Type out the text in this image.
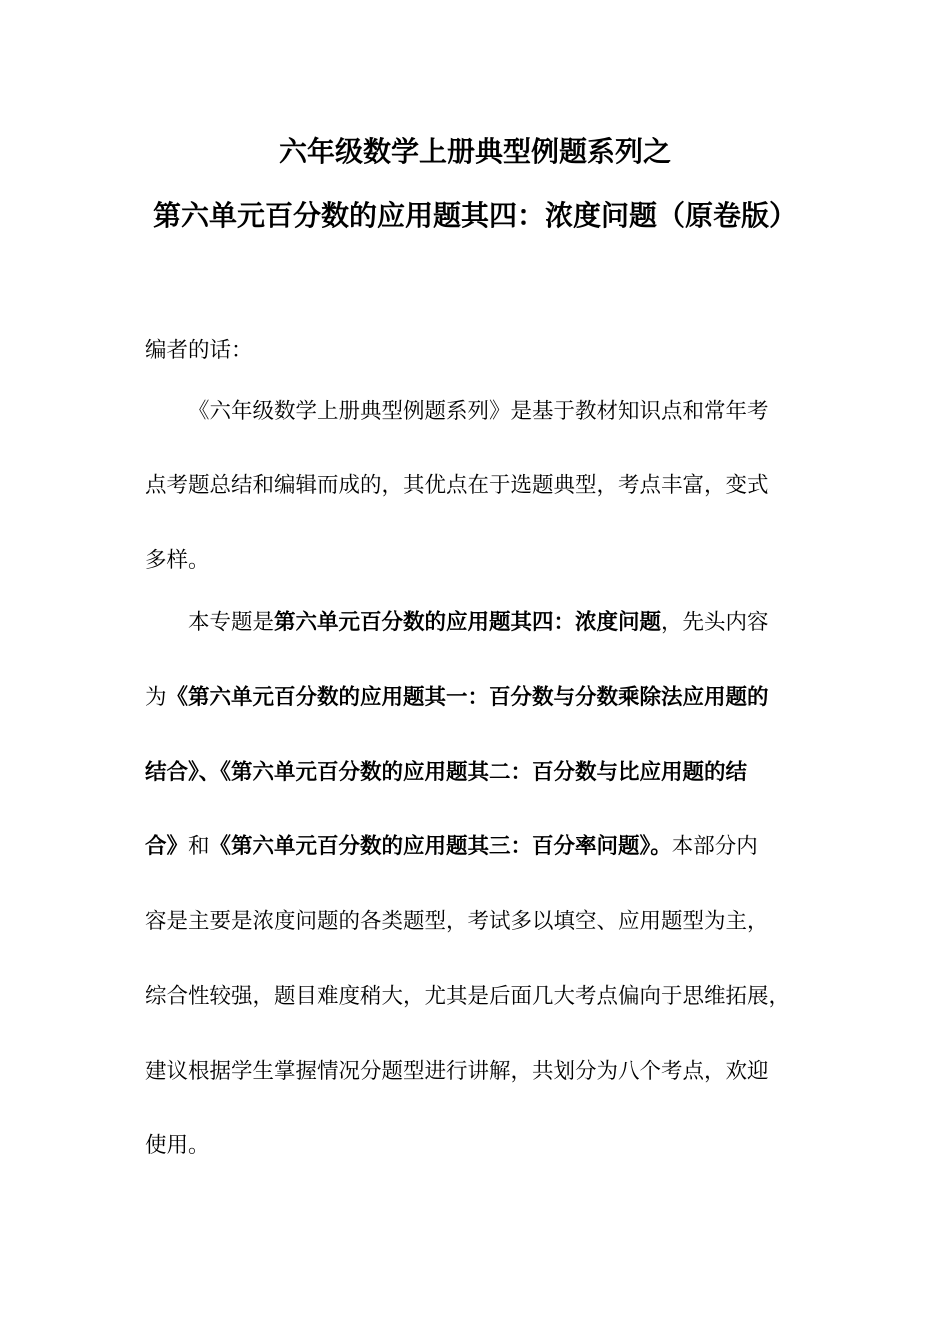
六年级数学上册典型例题系列之
第六单元百分数的应用题其四：浓度问题（原卷版）
编者的话：
《六年级数学上册典型例题系列》是基于教材知识点和常年考
点考题总结和编辑而成的，其优点在于选题典型，考点丰富，变式
多样。
本专题是第六单元百分数的应用题其四：浓度问题，先头内容
为《第六单元百分数的应用题其一：百分数与分数乘除法应用题的
结合》、《第六单元百分数的应用题其二：百分数与比应用题的结
合》和《第六单元百分数的应用题其三：百分率问题》。本部分内
容是主要是浓度问题的各类题型，考试多以填空、应用题型为主，
综合性较强，题目难度稍大，尤其是后面几大考点偏向于思维拓展，
建议根据学生掌握情况分题型进行讲解，共划分为八个考点，欢迎
使用。
